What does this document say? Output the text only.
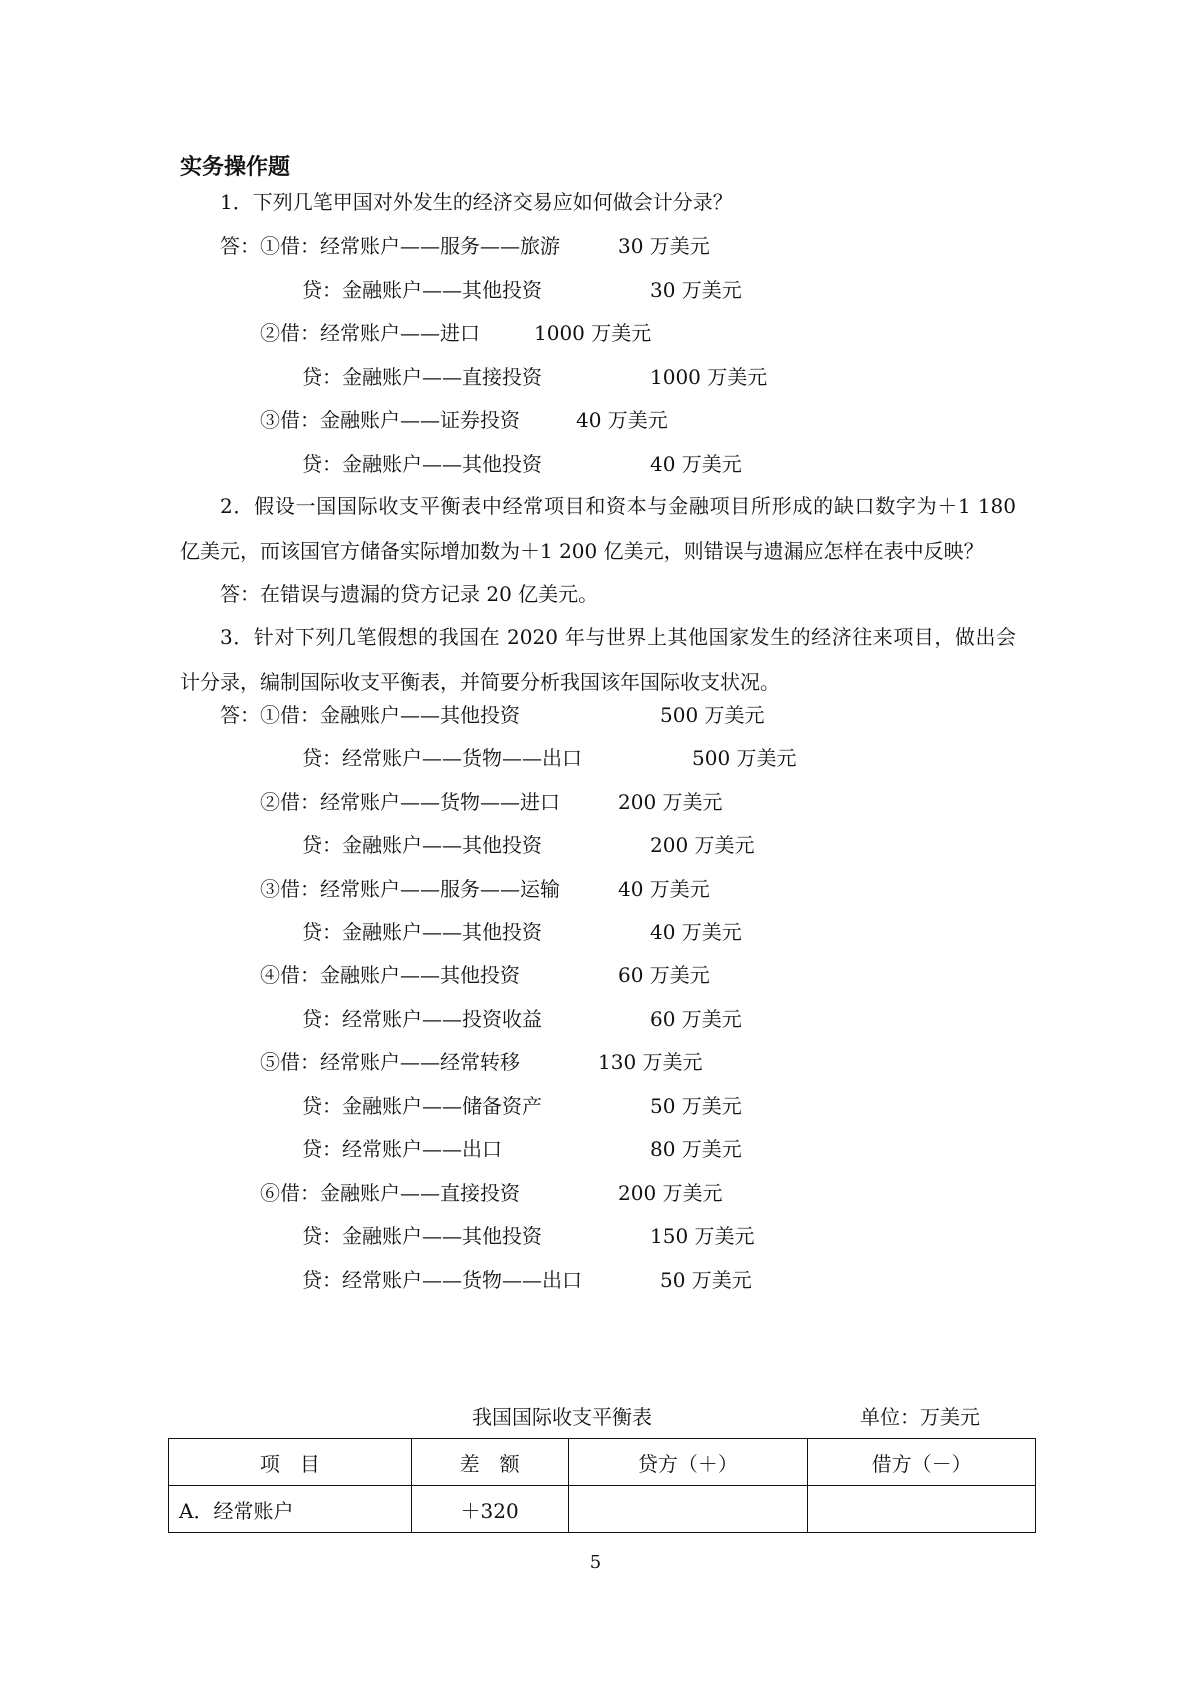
实务操作题
1．下列几笔甲国对外发生的经济交易应如何做会计分录？
答： ①借：经常账户——服务——旅游	30 万美元
贷：金融账户——其他投资	30 万美元
②借：经常账户——进口	1000 万美元
贷：金融账户——直接投资	1000 万美元
③借：金融账户——证券投资	40 万美元
贷：金融账户——其他投资	40 万美元
2．假设一国国际收支平衡表中经常项目和资本与金融项目所形成的缺口数字为＋1 180 亿美元，而该国官方储备实际增加数为＋1 200 亿美元，则错误与遗漏应怎样在表中反映？
答：在错误与遗漏的贷方记录 20 亿美元。
3．针对下列几笔假想的我国在 2020 年与世界上其他国家发生的经济往来项目，做出会计分录，编制国际收支平衡表，并简要分析我国该年国际收支状况。
答： ①借：金融账户——其他投资	500 万美元
贷：经常账户——货物——出口	500 万美元
②借：经常账户——货物——进口	200 万美元
贷：金融账户——其他投资	200 万美元
③借：经常账户——服务——运输	40 万美元
贷：金融账户——其他投资	40 万美元
④借：金融账户——其他投资	60 万美元
贷：经常账户——投资收益	60 万美元
⑤借：经常账户——经常转移	130 万美元
贷：金融账户——储备资产	50 万美元
贷：经常账户——出口	80 万美元
⑥借：金融账户——直接投资	200 万美元
贷：金融账户——其他投资	150 万美元
贷：经常账户——货物——出口	50 万美元
我国国际收支平衡表	单位：万美元
项　目	差　额	贷方（＋）	借方（－）
A．经常账户	＋320		
5
